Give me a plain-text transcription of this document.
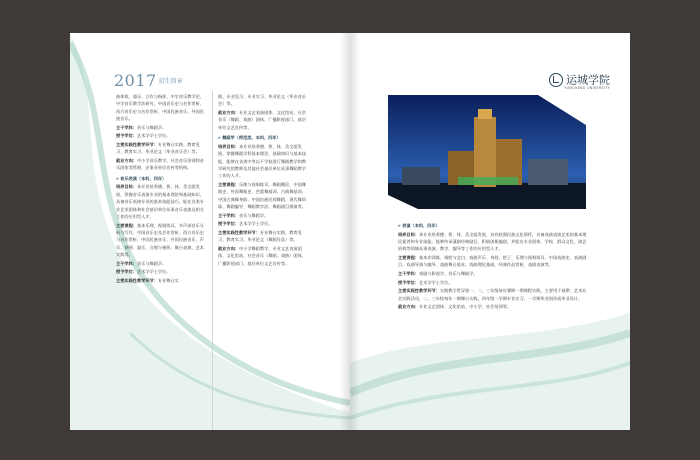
2017 $^{招生简章}$

曲体裁、器乐、合作与指挥、中学音乐教学论、中学音乐教学法研究、中国音乐史与名作赏析、西方音乐史与名作赏析、中国民族音乐、外国民族音乐。

主干学科：音乐与舞蹈学。

授予学位：艺术学学士学位。

主要实践性教学环节：专业舞台实践、教育见习、教育实习、毕业论文（毕业音乐会）等。

就业方向：中小学音乐教学、社会音乐培训和音乐团体等管理、企事业单位宣传等机构。

» 音乐表演（本科，四年）

培养目标：本专业培养德、智、体、美全面发展，掌握音乐表演专业的基本理论和基础知识，具备音乐表演专业的基本技能技巧，能在各类专业艺术团体和社会基层单位从事音乐表演及相关工作的应用型人才。

主要课程：基本乐理、视唱练耳、多声部音乐分析与写作、中国音乐史及名作赏析、西方音乐史与名作赏析、中国民族音乐、外国民族音乐、声乐、钢琴、器乐、合唱与指挥、舞台表演、艺术实践等。

主干学科：音乐与舞蹈学。

授予学位：艺术学学士学位。

主要实践性教学环节：专业舞台实

践、专业见习、专业实习、毕业论文（毕业音乐会）等。

就业方向：专业文艺表演团体、文化馆站、社会音乐（舞蹈、戏曲）团体、广播影视部门、基层单位文艺宣传等。

» 舞蹈学（师范类，本科，四年）

培养目标：本专业培养德、智、体、美全面发展，掌握舞蹈学科基本理论、基础知识与基本技能，能够在各类中等以下学校进行舞蹈教学和教学研究的教师及其他社会基层单位从事舞蹈教学工作的人才。

主要课程：乐理与视唱练耳、舞蹈概论、中国舞蹈史、外国舞蹈史、芭蕾舞基训、古典舞基训、中国古典舞身韵、中国民族民间舞蹈、现代舞训练、舞蹈编导、舞蹈教学法、舞蹈剧目排演等。

主干学科：音乐与舞蹈学。

授予学位：艺术学学士学位。

主要实践性教学环节：专业舞台实践、教育见习、教育实习、毕业论文（舞蹈作品）等。

就业方向：中小学舞蹈教学、专业文艺表演团体、文化馆站、社会音乐（舞蹈、戏曲）团体、广播影视部门、基层单位文艺宣传等。

运城学院
YUNCHENG UNIVERSITY

» 表演（本科，四年）

培养目标：本专业培养德、智、体、美全面发展，具有较强民族文化情怀，具备戏曲表演艺术的基本理论素养和专业技能，能够传承蒲剧经典剧目，积极创新编创，并能在专业团体、学校、群众文化、演艺机构等领域从事表演、教学、编导等工作的应用型人才。

主要课程：基本功训练、唱腔与念白、戏曲声乐、身段、把子、乐理与视唱练耳、中国戏曲史、表演剧目、戏曲导演与编导、戏曲舞台基本、戏曲理论基础、经典作品赏析、戏剧表演等。

主干学科：戏剧与影视学、音乐与舞蹈学。

授予学位：艺术学学士学位。

主要实践性教学环节：实践教学贯穿第一、二、三年级每年暑期一期课程实践，主要用于观摩、艺术社会实践活动，二、三年级每年一期舞台实践，四年级一学期专业实习、一学期毕业创作或毕业设计。

就业方向：专业文艺团体、文化馆站、中小学、社会培训等。
